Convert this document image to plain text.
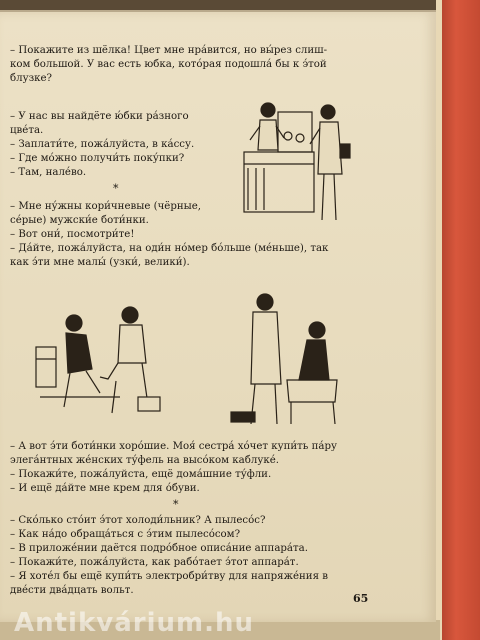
– Покажите из шёлка! Цвет мне нрáвится, но вы́рез слиш-

ком большой. У вас есть юбка, котóрая подошлá бы к э́той

блузке?

– У нас вы найдёте ю́бки рáзного

цвéта.

– Заплати́те, пожáлуйста, в кáссу.

– Где мóжно получи́ть поку́пки?

– Там, налéво.

*

– Мне ну́жны кори́чневые (чёрные,

сéрые) мужски́е боти́нки.

– Вот они́, посмотри́те!

– Дáйте, пожáлуйста, на оди́н нóмер бóльше (мéньше), так

как э́ти мне малы́ (узки́, велики́).

– А вот э́ти боти́нки хорóшие. Моя́ сестрá хóчет купи́ть пáру

элегáнтных жéнских ту́фель на высóком каблукé.

– Покажи́те, пожáлуйста, ещё домáшние ту́фли.

– И ещё дáйте мне крем для óбуви.

*

– Скóлько стóит э́тот холоди́льник? А пылесóс?

– Как нáдо обращáться с э́тим пылесóсом?

– В приложéнии даётся подрóбное описáние аппарáта.

– Покажи́те, пожáлуйста, как рабóтает э́тот аппарáт.

– Я хотéл бы ещё купи́ть электробри́тву для напряжéния в

двéсти двáдцать вольт.

65
Antikvárium.hu
